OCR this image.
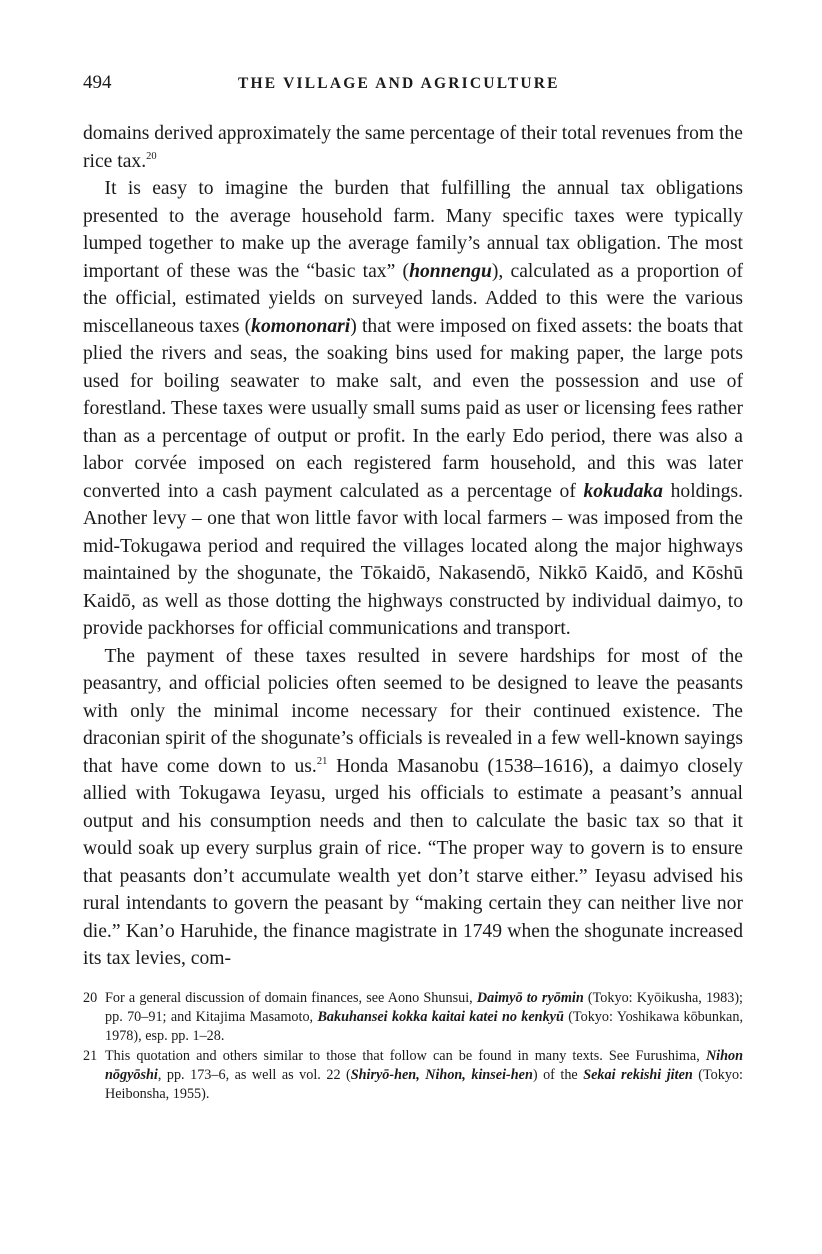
494	THE VILLAGE AND AGRICULTURE

domains derived approximately the same percentage of their total revenues from the rice tax.$^{20}$

It is easy to imagine the burden that fulfilling the annual tax obligations presented to the average household farm. Many specific taxes were typically lumped together to make up the average family’s annual tax obligation. The most important of these was the “basic tax” (honnengu), calculated as a proportion of the official, estimated yields on surveyed lands. Added to this were the various miscellaneous taxes (komononari) that were imposed on fixed assets: the boats that plied the rivers and seas, the soaking bins used for making paper, the large pots used for boiling seawater to make salt, and even the possession and use of forestland. These taxes were usually small sums paid as user or licensing fees rather than as a percentage of output or profit. In the early Edo period, there was also a labor corvée imposed on each registered farm household, and this was later converted into a cash payment calculated as a percentage of kokudaka holdings. Another levy – one that won little favor with local farmers – was imposed from the mid-Tokugawa period and required the villages located along the major highways maintained by the shogunate, the Tōkaidō, Nakasendō, Nikkō Kaidō, and Kōshū Kaidō, as well as those dotting the highways constructed by individual daimyo, to provide packhorses for official communications and transport.

The payment of these taxes resulted in severe hardships for most of the peasantry, and official policies often seemed to be designed to leave the peasants with only the minimal income necessary for their continued existence. The draconian spirit of the shogunate’s officials is revealed in a few well-known sayings that have come down to us.$^{21}$ Honda Masanobu (1538–1616), a daimyo closely allied with Tokugawa Ieyasu, urged his officials to estimate a peasant’s annual output and his consumption needs and then to calculate the basic tax so that it would soak up every surplus grain of rice. “The proper way to govern is to ensure that peasants don’t accumulate wealth yet don’t starve either.” Ieyasu advised his rural intendants to govern the peasant by “making certain they can neither live nor die.” Kan’o Haruhide, the finance magistrate in 1749 when the shogunate increased its tax levies, com-

20 For a general discussion of domain finances, see Aono Shunsui, Daimyō to ryōmin (Tokyo: Kyōikusha, 1983); pp. 70–91; and Kitajima Masamoto, Bakuhansei kokka kaitai katei no kenkyū (Tokyo: Yoshikawa kōbunkan, 1978), esp. pp. 1–28.
21 This quotation and others similar to those that follow can be found in many texts. See Furushima, Nihon nōgyōshi, pp. 173–6, as well as vol. 22 (Shiryō-hen, Nihon, kinsei-hen) of the Sekai rekishi jiten (Tokyo: Heibonsha, 1955).
